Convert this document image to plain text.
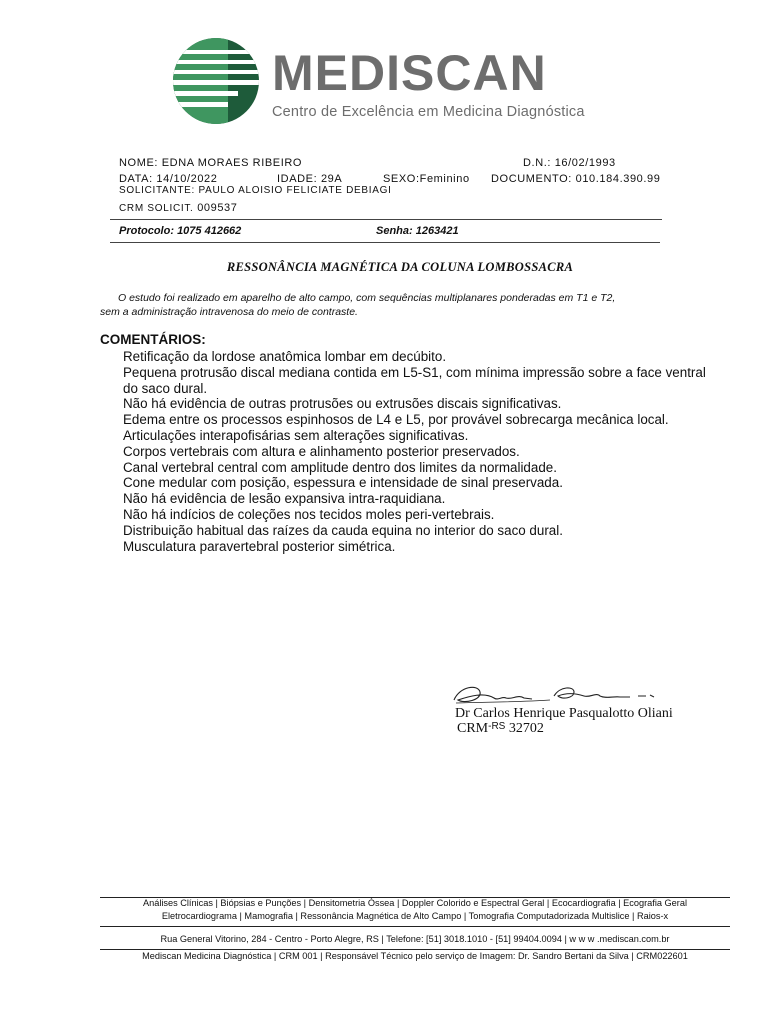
MEDISCAN
Centro de Excelência em Medicina Diagnóstica
NOME: EDNA MORAES RIBEIRO	D.N.: 16/02/1993
DATA: 14/10/2022	IDADE: 29A	SEXO:Feminino DOCUMENTO: 010.184.390.99
SOLICITANTE: PAULO ALOISIO FELICIATE DEBIAGI
CRM SOLICIT. 009537
Protocolo: 1075 412662	Senha: 1263421
RESSONÂNCIA MAGNÉTICA DA COLUNA LOMBOSSACRA
O estudo foi realizado em aparelho de alto campo, com sequências multiplanares ponderadas em T1 e T2,
sem a administração intravenosa do meio de contraste.
COMENTÁRIOS:
Retificação da lordose anatômica lombar em decúbito.
Pequena protrusão discal mediana contida em L5-S1, com mínima impressão sobre a face ventral do saco dural.
Não há evidência de outras protrusões ou extrusões discais significativas.
Edema entre os processos espinhosos de L4 e L5, por provável sobrecarga mecânica local.
Articulações interapofisárias sem alterações significativas.
Corpos vertebrais com altura e alinhamento posterior preservados.
Canal vertebral central com amplitude dentro dos limites da normalidade.
Cone medular com posição, espessura e intensidade de sinal preservada.
Não há evidência de lesão expansiva intra-raquidiana.
Não há indícios de coleções nos tecidos moles peri-vertebrais.
Distribuição habitual das raízes da cauda equina no interior do saco dural.
Musculatura paravertebral posterior simétrica.
Dr Carlos Henrique Pasqualotto Oliani
$CRM^{-RS}$ 32702
Análises Clínicas | Biópsias e Punções | Densitometria Óssea | Doppler Colorido e Espectral Geral | Ecocardiografia | Ecografia Geral
Eletrocardiograma | Mamografia | Ressonância Magnética de Alto Campo | Tomografia Computadorizada Multislice | Raios-x
Rua General Vitorino, 284 - Centro - Porto Alegre, RS | Telefone: [51] 3018.1010 - [51] 99404.0094 | w w w .mediscan.com.br
Mediscan Medicina Diagnóstica | CRM 001 | Responsável Técnico pelo serviço de Imagem: Dr. Sandro Bertani da Silva | CRM022601
